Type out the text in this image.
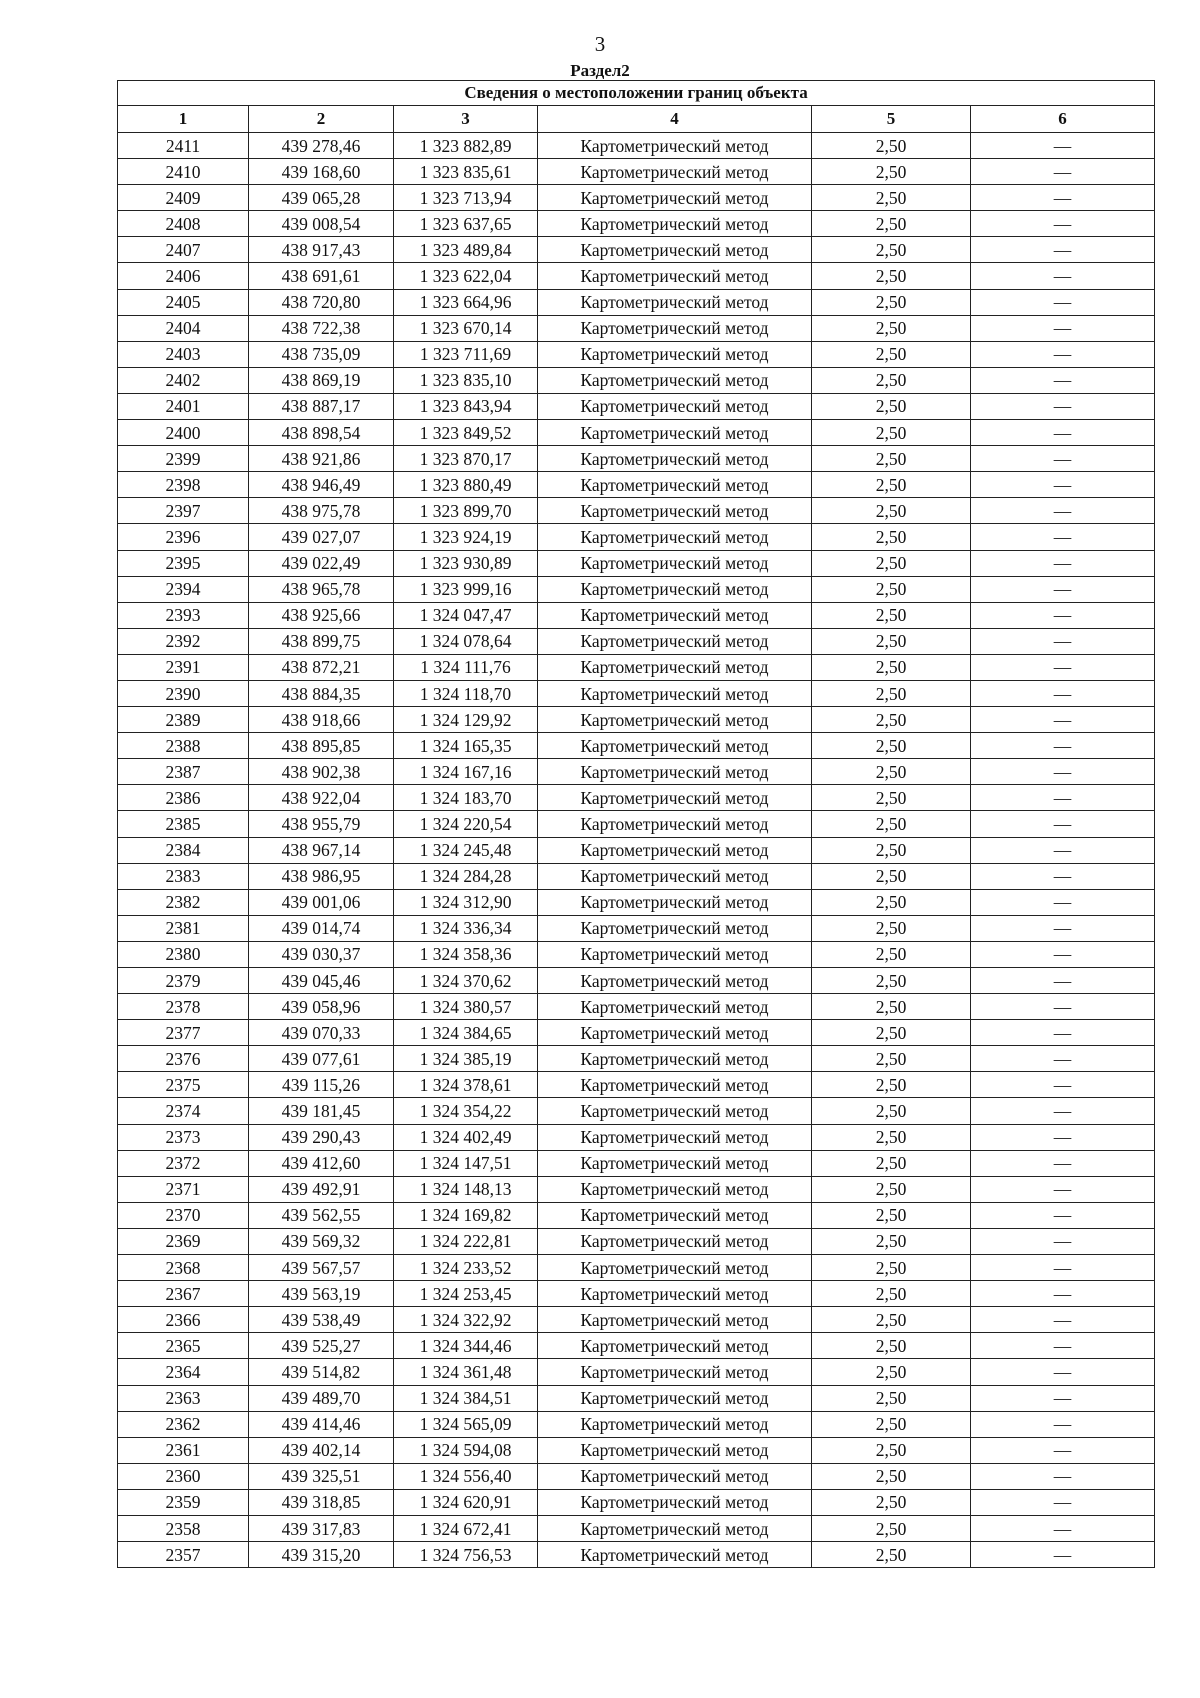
3
Раздел2
Сведения о местоположении границ объекта					
1	2	3	4	5	6
2411	439 278,46	1 323 882,89	Картометрический метод	2,50	—
2410	439 168,60	1 323 835,61	Картометрический метод	2,50	—
2409	439 065,28	1 323 713,94	Картометрический метод	2,50	—
2408	439 008,54	1 323 637,65	Картометрический метод	2,50	—
2407	438 917,43	1 323 489,84	Картометрический метод	2,50	—
2406	438 691,61	1 323 622,04	Картометрический метод	2,50	—
2405	438 720,80	1 323 664,96	Картометрический метод	2,50	—
2404	438 722,38	1 323 670,14	Картометрический метод	2,50	—
2403	438 735,09	1 323 711,69	Картометрический метод	2,50	—
2402	438 869,19	1 323 835,10	Картометрический метод	2,50	—
2401	438 887,17	1 323 843,94	Картометрический метод	2,50	—
2400	438 898,54	1 323 849,52	Картометрический метод	2,50	—
2399	438 921,86	1 323 870,17	Картометрический метод	2,50	—
2398	438 946,49	1 323 880,49	Картометрический метод	2,50	—
2397	438 975,78	1 323 899,70	Картометрический метод	2,50	—
2396	439 027,07	1 323 924,19	Картометрический метод	2,50	—
2395	439 022,49	1 323 930,89	Картометрический метод	2,50	—
2394	438 965,78	1 323 999,16	Картометрический метод	2,50	—
2393	438 925,66	1 324 047,47	Картометрический метод	2,50	—
2392	438 899,75	1 324 078,64	Картометрический метод	2,50	—
2391	438 872,21	1 324 111,76	Картометрический метод	2,50	—
2390	438 884,35	1 324 118,70	Картометрический метод	2,50	—
2389	438 918,66	1 324 129,92	Картометрический метод	2,50	—
2388	438 895,85	1 324 165,35	Картометрический метод	2,50	—
2387	438 902,38	1 324 167,16	Картометрический метод	2,50	—
2386	438 922,04	1 324 183,70	Картометрический метод	2,50	—
2385	438 955,79	1 324 220,54	Картометрический метод	2,50	—
2384	438 967,14	1 324 245,48	Картометрический метод	2,50	—
2383	438 986,95	1 324 284,28	Картометрический метод	2,50	—
2382	439 001,06	1 324 312,90	Картометрический метод	2,50	—
2381	439 014,74	1 324 336,34	Картометрический метод	2,50	—
2380	439 030,37	1 324 358,36	Картометрический метод	2,50	—
2379	439 045,46	1 324 370,62	Картометрический метод	2,50	—
2378	439 058,96	1 324 380,57	Картометрический метод	2,50	—
2377	439 070,33	1 324 384,65	Картометрический метод	2,50	—
2376	439 077,61	1 324 385,19	Картометрический метод	2,50	—
2375	439 115,26	1 324 378,61	Картометрический метод	2,50	—
2374	439 181,45	1 324 354,22	Картометрический метод	2,50	—
2373	439 290,43	1 324 402,49	Картометрический метод	2,50	—
2372	439 412,60	1 324 147,51	Картометрический метод	2,50	—
2371	439 492,91	1 324 148,13	Картометрический метод	2,50	—
2370	439 562,55	1 324 169,82	Картометрический метод	2,50	—
2369	439 569,32	1 324 222,81	Картометрический метод	2,50	—
2368	439 567,57	1 324 233,52	Картометрический метод	2,50	—
2367	439 563,19	1 324 253,45	Картометрический метод	2,50	—
2366	439 538,49	1 324 322,92	Картометрический метод	2,50	—
2365	439 525,27	1 324 344,46	Картометрический метод	2,50	—
2364	439 514,82	1 324 361,48	Картометрический метод	2,50	—
2363	439 489,70	1 324 384,51	Картометрический метод	2,50	—
2362	439 414,46	1 324 565,09	Картометрический метод	2,50	—
2361	439 402,14	1 324 594,08	Картометрический метод	2,50	—
2360	439 325,51	1 324 556,40	Картометрический метод	2,50	—
2359	439 318,85	1 324 620,91	Картометрический метод	2,50	—
2358	439 317,83	1 324 672,41	Картометрический метод	2,50	—
2357	439 315,20	1 324 756,53	Картометрический метод	2,50	—
